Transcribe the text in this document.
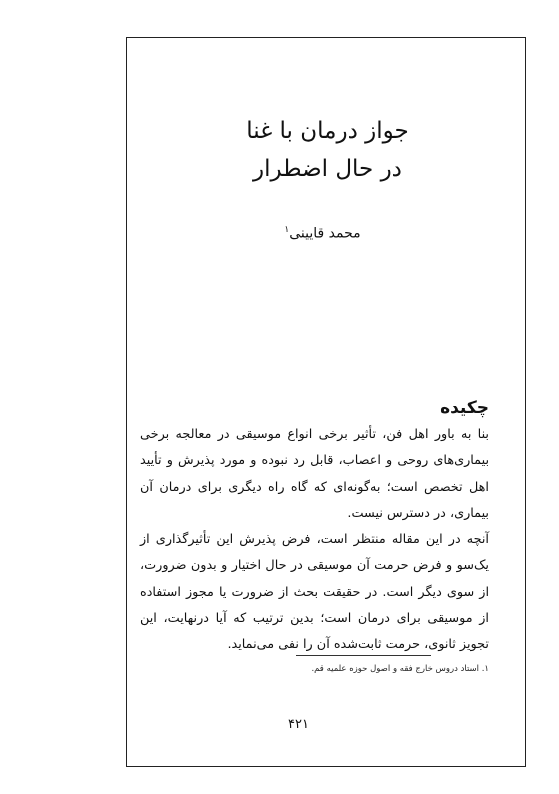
جواز درمان با غنا
در حال اضطرار
محمد قایینی$^۱$
چکیده
بنا به باور اهل فن، تأثیر برخی انواع موسیقی در معالجه برخی بیماری‌های روحی و اعصاب، قابل رد نبوده و مورد پذیرش و تأیید اهل تخصص است؛ به‌گونه‌ای که گاه راه دیگری برای درمان آن بیماری، در دسترس نیست.
آنچه در این مقاله منتظر است، فرض پذیرش این تأثیرگذاری از یک‌سو و فرض حرمت آن موسیقی در حال اختیار و بدون ضرورت، از سوی دیگر است. در حقیقت بحث از ضرورت یا مجوز استفاده از موسیقی برای درمان است؛ بدین ترتیب که آیا درنهایت، این تجویز ثانوی، حرمت ثابت‌شده آن را نفی می‌نماید.
۱. استاد دروس خارج فقه و اصول حوزه علمیه قم.
۴۲۱
